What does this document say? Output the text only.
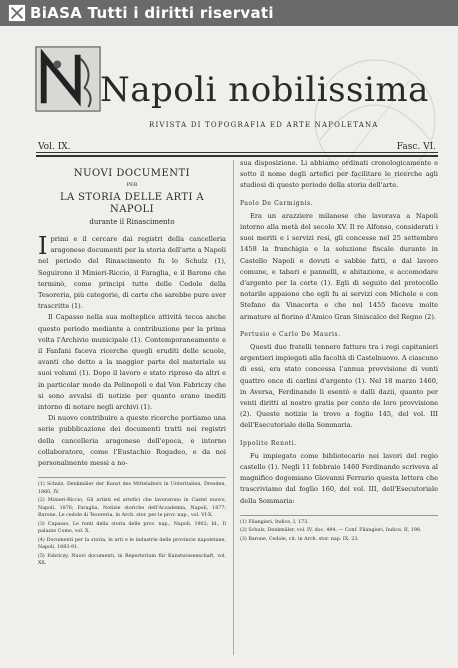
BiASA Tutti i diritti riservati
Napoli nobilissima
RIVISTA DI TOPOGRAFIA ED ARTE NAPOLETANA
Vol. IX.	Fasc. VI.
NUOVI DOCUMENTI
PER
LA STORIA DELLE ARTI A NAPOLI
durante il Rinascimento

Iprimi e il cercare dai registri della cancelleria aragonese documenti per la storia dell'arte a Napoli nel periodo del Rinascimento fu lo Schulz (1), Seguirono il Minieri-Riccio, il Faraglia, e il Barone che terminò, come principi tutte delle Cedole della Tesoreria, più categorie, di carte che sarebbe pure aver trascritte (1).

Il Capasso nella sua molteplice attività tecca anche questo periodo mediante a contribuzione per la prima volta l'Archivio municipale (1). Contemporaneamente e il Fanfani faceva ricerche quegli eruditi delle scuole, avanti che detto a la maggior parte del materiale su suoi volumi (1). Dopo il lavoro e stato ripreso da altri e in particolar modo da Pelinopoli e dal Von Fabriczy che si sono avvalsi di notizie per quanto erano inediti intorno di notare negli archivi (1).

Di nuovo contribuire a queste ricerche portiamo una serie pubblicazione dei documenti tratti nei registri della cancelleria aragonese dell'epoca, e intorno collaboratore, come l'Eustachio Rogadeo, e da noi personalmente messi a no-

(1) Schulz, Denkmäler der Kunst des Mittelalters in Unteritalien, Dresden, 1860, IV.
(2) Minieri-Riccio, Gli artisti ed artefici che lavorarono in Castel nuovo, Napoli, 1876; Faraglia, Notizie storiche dell'Accademia, Napoli, 1877; Barone, Le cedole di Tesoreria, in Arch. stor. per le prov. nap., vol. VI-X.
(3) Capasso, Le fonti della storia delle prov. nap., Napoli, 1902; Id., Il palazzo Como, vol. X.
(4) Documenti per la storia, le arti e le industrie delle provincie napoletane, Napoli, 1883-91.
(5) Fabriczy, Nuovi documenti, in Repertorium für Kunstwissenschaft, vol. XX.

sua disposizione. Li abbiamo ordinati cronologicamente e sotto il nome degli artefici per facilitare le ricerche agli studiosi di questo periodo della storia dell'arte.

Paolo De Carmignis.

Era un arazziere milanese che lavorava a Napoli intorno alla metà del secolo XV. Il re Alfonso, considerati i suoi meriti e i servizi resi, gli concesse nel 25 settembre 1458 la franchigia e la soluzione fiscale durante in Castello Napoli e dovuti e sabbie fatti, e dal lavoro comune, e tabari e pannelli, e abitazione, e accomodare d'argento per la corte (1). Egli di seguito del protocollo notarile appaiono che egli fu ai servizi con Michele e con Stefano da Vinacorta e che nel 1455 faceva molte armature al fiorino d'Amico Gran Siniscalco del Regno (2).

Pertusio e Carlo De Mauris.

Questi due fratelli tennero fatture tra i regi capitanieri argentieri impiegati alla facoltà di Castelnuovo. A ciascuno di essi, era stato concessa l'annua provvisione di venti quattro once di carlini d'argento (1). Nel 18 marzo 1460, in Aversa, Ferdinando li esentò e dalli dazii, quanto per venti diritti al nostro gratis per conto de loro provvisione (2). Queste notizie le trovo a foglio 145, del vol. III dell'Esecutoriale della Sommaria.

Ippolito Renoti.

Fu impiegato come bibliotecario nei lavori del regio castello (1). Negli 11 febbraio 1460 Ferdinando scriveva al magnifico dogomiano Giovanni Ferrario questa lettera che trascriviamo dal foglio 160, del vol. III, dell'Esecutoriale della Sommaria:

(1) Filangieri, Indice, I, 173.
(2) Schulz, Denkmäler, vol. IV, doc. 494. — Conf. Filangieri, Indice, II, 198.
(3) Barone, Cedole, cit. in Arch. stor. nap. IX, 23.
